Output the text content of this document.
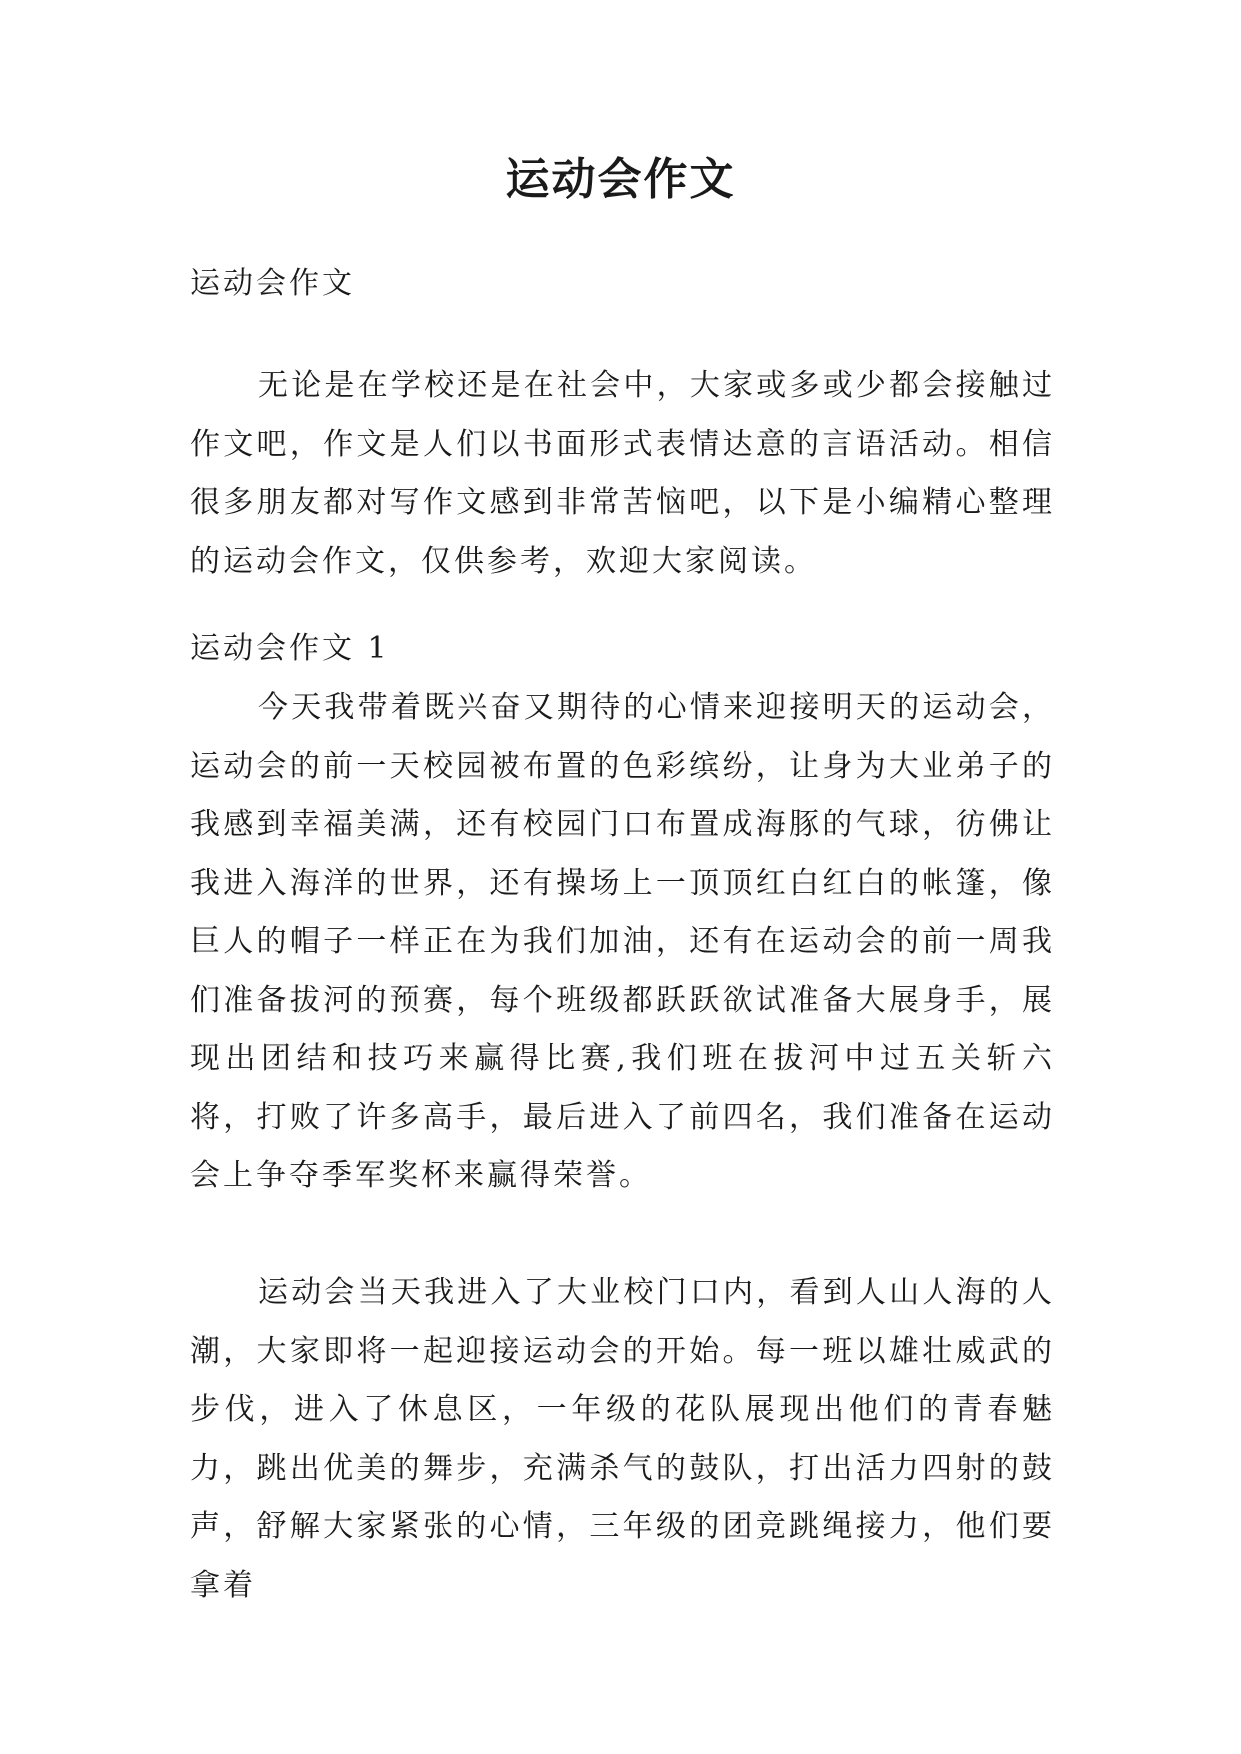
运动会作文

运动会作文

无论是在学校还是在社会中，大家或多或少都会接触过作文吧，作文是人们以书面形式表情达意的言语活动。相信很多朋友都对写作文感到非常苦恼吧，以下是小编精心整理的运动会作文，仅供参考，欢迎大家阅读。

运动会作文 1

今天我带着既兴奋又期待的心情来迎接明天的运动会，运动会的前一天校园被布置的色彩缤纷，让身为大业弟子的我感到幸福美满，还有校园门口布置成海豚的气球，彷佛让我进入海洋的世界，还有操场上一顶顶红白红白的帐篷，像巨人的帽子一样正在为我们加油，还有在运动会的前一周我们准备拔河的预赛，每个班级都跃跃欲试准备大展身手，展现出团结和技巧来赢得比赛,我们班在拔河中过五关斩六将，打败了许多高手，最后进入了前四名，我们准备在运动会上争夺季军奖杯来赢得荣誉。

运动会当天我进入了大业校门口内，看到人山人海的人潮，大家即将一起迎接运动会的开始。每一班以雄壮威武的步伐，进入了休息区，一年级的花队展现出他们的青春魅力，跳出优美的舞步，充满杀气的鼓队，打出活力四射的鼓声，舒解大家紧张的心情，三年级的团竞跳绳接力，他们要拿着
